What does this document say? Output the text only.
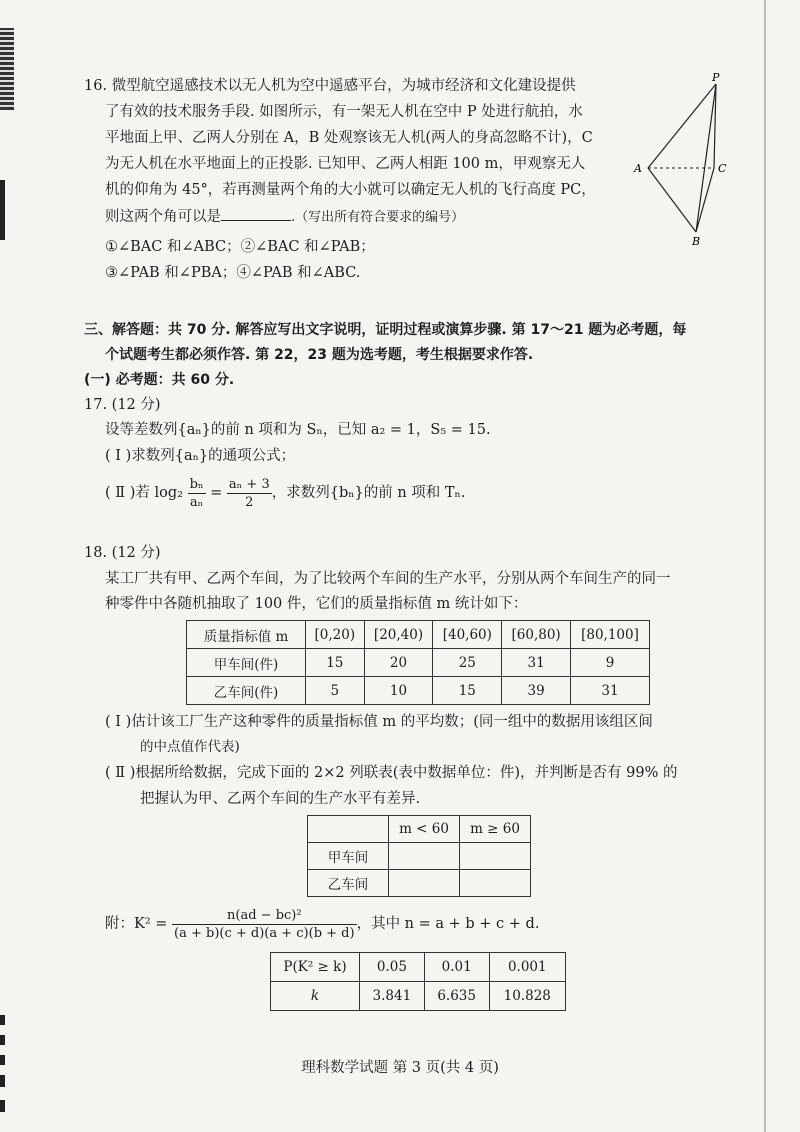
16. 微型航空遥感技术以无人机为空中遥感平台，为城市经济和文化建设提供
了有效的技术服务手段. 如图所示，有一架无人机在空中 P 处进行航拍，水
平地面上甲、乙两人分别在 A，B 处观察该无人机(两人的身高忽略不计)，C
为无人机在水平地面上的正投影. 已知甲、乙两人相距 100 m，甲观察无人
机的仰角为 45°，若再测量两个角的大小就可以确定无人机的飞行高度 PC，
则这两个角可以是	.（写出所有符合要求的编号）
①∠BAC 和∠ABC；②∠BAC 和∠PAB；
③∠PAB 和∠PBA；④∠PAB 和∠ABC.
P
A	C
B
三、解答题：共 70 分. 解答应写出文字说明，证明过程或演算步骤. 第 17～21 题为必考题，每
个试题考生都必须作答. 第 22，23 题为选考题，考生根据要求作答.
(一) 必考题：共 60 分.
17. (12 分)
设等差数列{aₙ}的前 n 项和为 Sₙ，已知 a₂ = 1，S₅ = 15.
( Ⅰ )求数列{aₙ}的通项公式；
( Ⅱ )若 $\log_2 \frac{\text{bₙ}}{\text{aₙ}} = \frac{\text{aₙ + 3}}{2}$ ，求数列{bₙ}的前 n 项和 Tₙ.
18. (12 分)
某工厂共有甲、乙两个车间，为了比较两个车间的生产水平，分别从两个车间生产的同一
种零件中各随机抽取了 100 件，它们的质量指标值 m 统计如下：
质量指标值 m	[0,20)	[20,40)	[40,60)	[60,80)	[80,100]
甲车间(件)	15	20	25	31	9
乙车间(件)	5	10	15	39	31
( Ⅰ )估计该工厂生产这种零件的质量指标值 m 的平均数；(同一组中的数据用该组区间
的中点值作代表)
( Ⅱ )根据所给数据，完成下面的 2×2 列联表(表中数据单位：件)，并判断是否有 99% 的
把握认为甲、乙两个车间的生产水平有差异.
	m < 60	m ≥ 60
甲车间		
乙车间		
附：$K^2 = \frac{\text{n(ad − bc)²}}{(a + b)(c + d)(a + c)(b + d)}$ ，其中 n = a + b + c + d.
P(K² ≥ k)	0.05	0.01	0.001
k	3.841	6.635	10.828
理科数学试题 第 3 页(共 4 页)
